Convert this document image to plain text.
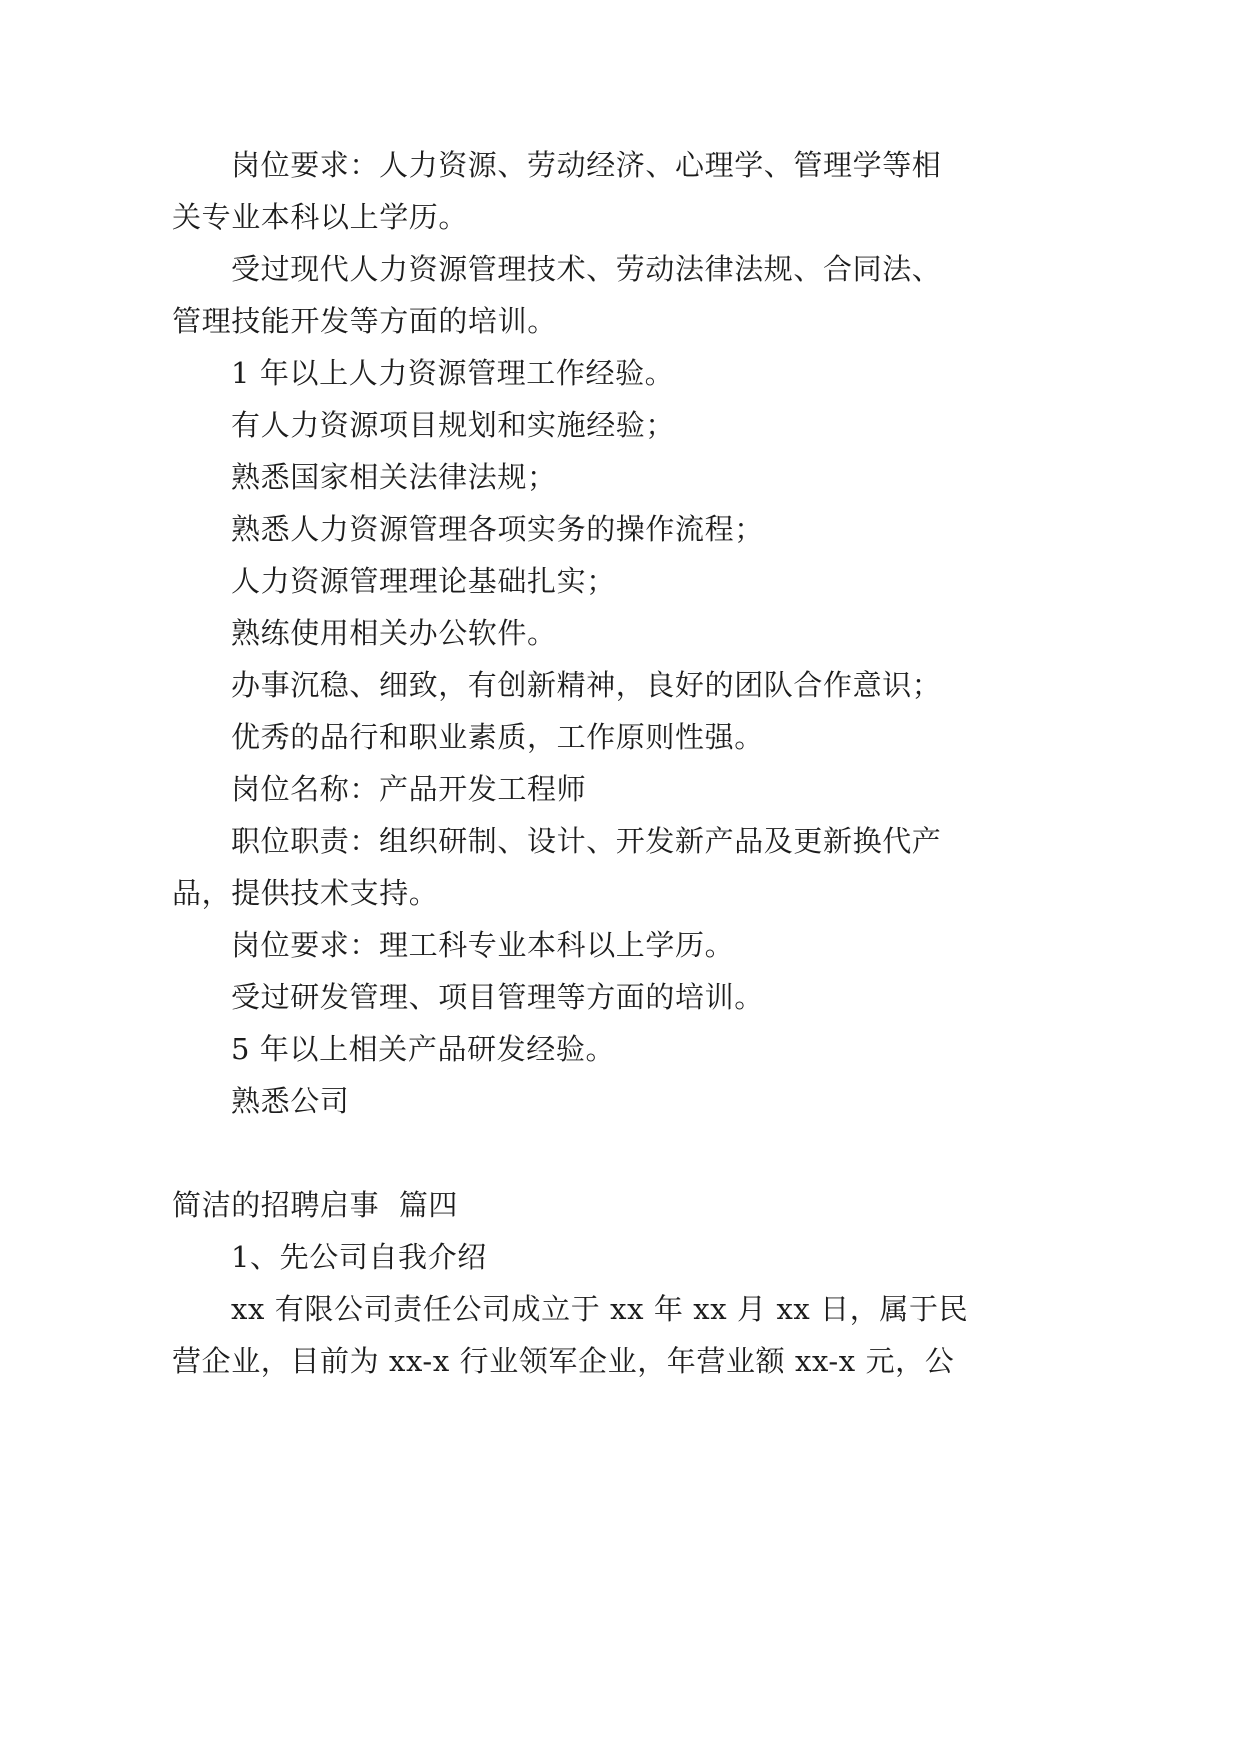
岗位要求：人力资源、劳动经济、心理学、管理学等相
关专业本科以上学历。
受过现代人力资源管理技术、劳动法律法规、合同法、
管理技能开发等方面的培训。
1 年以上人力资源管理工作经验。
有人力资源项目规划和实施经验；
熟悉国家相关法律法规；
熟悉人力资源管理各项实务的操作流程；
人力资源管理理论基础扎实；
熟练使用相关办公软件。
办事沉稳、细致，有创新精神，良好的团队合作意识；
优秀的品行和职业素质，工作原则性强。
岗位名称：产品开发工程师
职位职责：组织研制、设计、开发新产品及更新换代产
品，提供技术支持。
岗位要求：理工科专业本科以上学历。
受过研发管理、项目管理等方面的培训。
5 年以上相关产品研发经验。
熟悉公司
简洁的招聘启事  篇四
1、先公司自我介绍
xx 有限公司责任公司成立于 xx 年 xx 月 xx 日，属于民
营企业，目前为 xx-x 行业领军企业，年营业额 xx-x 元，公
